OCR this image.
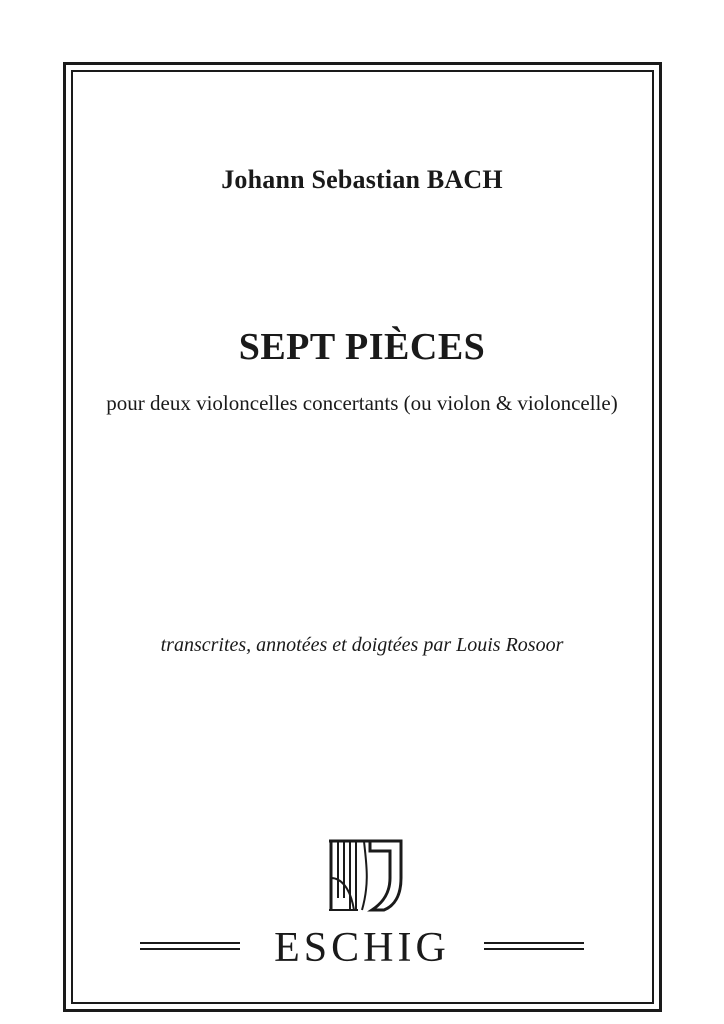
Johann Sebastian BACH
SEPT PIÈCES
pour deux violoncelles concertants (ou violon & violoncelle)
transcrites, annotées et doigtées par Louis Rosoor
ESCHIG
